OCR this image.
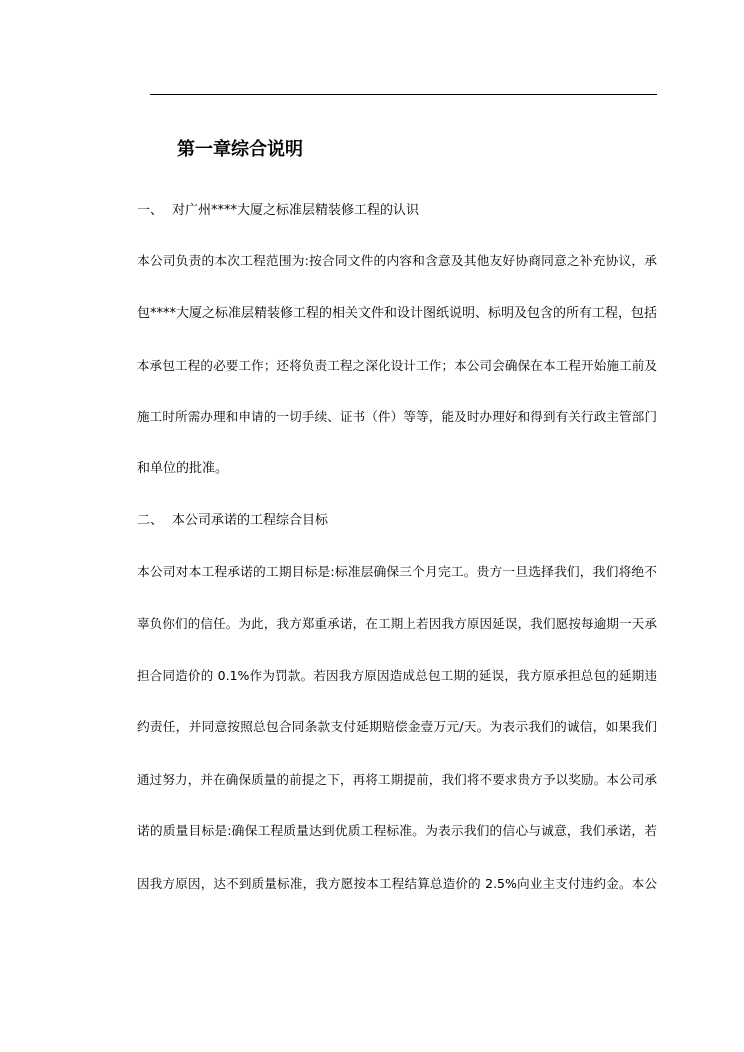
第一章综合说明
一、 对广州****大厦之标准层精装修工程的认识
本公司负责的本次工程范围为:按合同文件的内容和含意及其他友好协商同意之补充协议，承
包****大厦之标准层精装修工程的相关文件和设计图纸说明、标明及包含的所有工程，包括
本承包工程的必要工作；还将负责工程之深化设计工作；本公司会确保在本工程开始施工前及
施工时所需办理和申请的一切手续、证书（件）等等，能及时办理好和得到有关行政主管部门
和单位的批准。
二、 本公司承诺的工程综合目标
本公司对本工程承诺的工期目标是:标准层确保三个月完工。贵方一旦选择我们，我们将绝不
辜负你们的信任。为此，我方郑重承诺，在工期上若因我方原因延误，我们愿按每逾期一天承
担合同造价的 0.1%作为罚款。若因我方原因造成总包工期的延误，我方原承担总包的延期违
约责任，并同意按照总包合同条款支付延期赔偿金壹万元/天。为表示我们的诚信，如果我们
通过努力，并在确保质量的前提之下，再将工期提前，我们将不要求贵方予以奖励。本公司承
诺的质量目标是:确保工程质量达到优质工程标准。为表示我们的信心与诚意，我们承诺，若
因我方原因，达不到质量标准，我方愿按本工程结算总造价的 2.5%向业主支付违约金。本公
